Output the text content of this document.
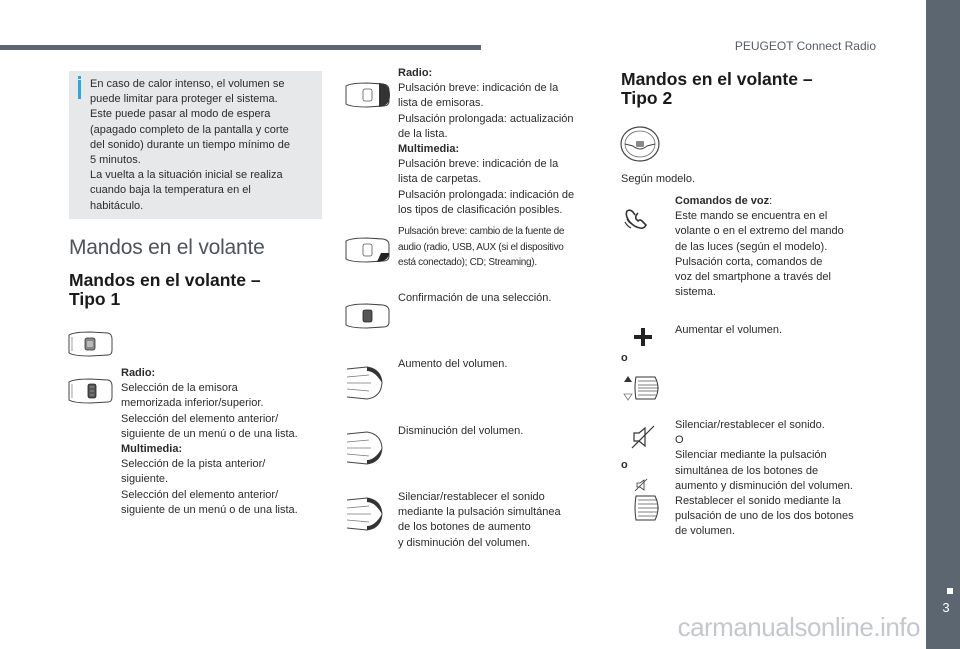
PEUGEOT Connect Radio
3
carmanualsonline.info
En caso de calor intenso, el volumen se
puede limitar para proteger el sistema.
Este puede pasar al modo de espera
(apagado completo de la pantalla y corte
del sonido) durante un tiempo mínimo de
5 minutos.
La vuelta a la situación inicial se realiza
cuando baja la temperatura en el
habitáculo.
Mandos en el volante
Mandos en el volante –
Tipo 1
Radio:
Selección de la emisora
memorizada inferior/superior.
Selección del elemento anterior/
siguiente de un menú o de una lista.
Multimedia:
Selección de la pista anterior/
siguiente.
Selección del elemento anterior/
siguiente de un menú o de una lista.
Radio:
Pulsación breve: indicación de la
lista de emisoras.
Pulsación prolongada: actualización
de la lista.
Multimedia:
Pulsación breve: indicación de la
lista de carpetas.
Pulsación prolongada: indicación de
los tipos de clasificación posibles.
Pulsación breve: cambio de la fuente de
audio (radio, USB, AUX (si el dispositivo
está conectado); CD; Streaming).
Confirmación de una selección.
Aumento del volumen.
Disminución del volumen.
Silenciar/restablecer el sonido
mediante la pulsación simultánea
de los botones de aumento
y disminución del volumen.
Mandos en el volante –
Tipo 2
Según modelo.
Comandos de voz:
Este mando se encuentra en el
volante o en el extremo del mando
de las luces (según el modelo).
Pulsación corta, comandos de
voz del smartphone a través del
sistema.
Aumentar el volumen.
o
o
Silenciar/restablecer el sonido.
O
Silenciar mediante la pulsación
simultánea de los botones de
aumento y disminución del volumen.
Restablecer el sonido mediante la
pulsación de uno de los dos botones
de volumen.
